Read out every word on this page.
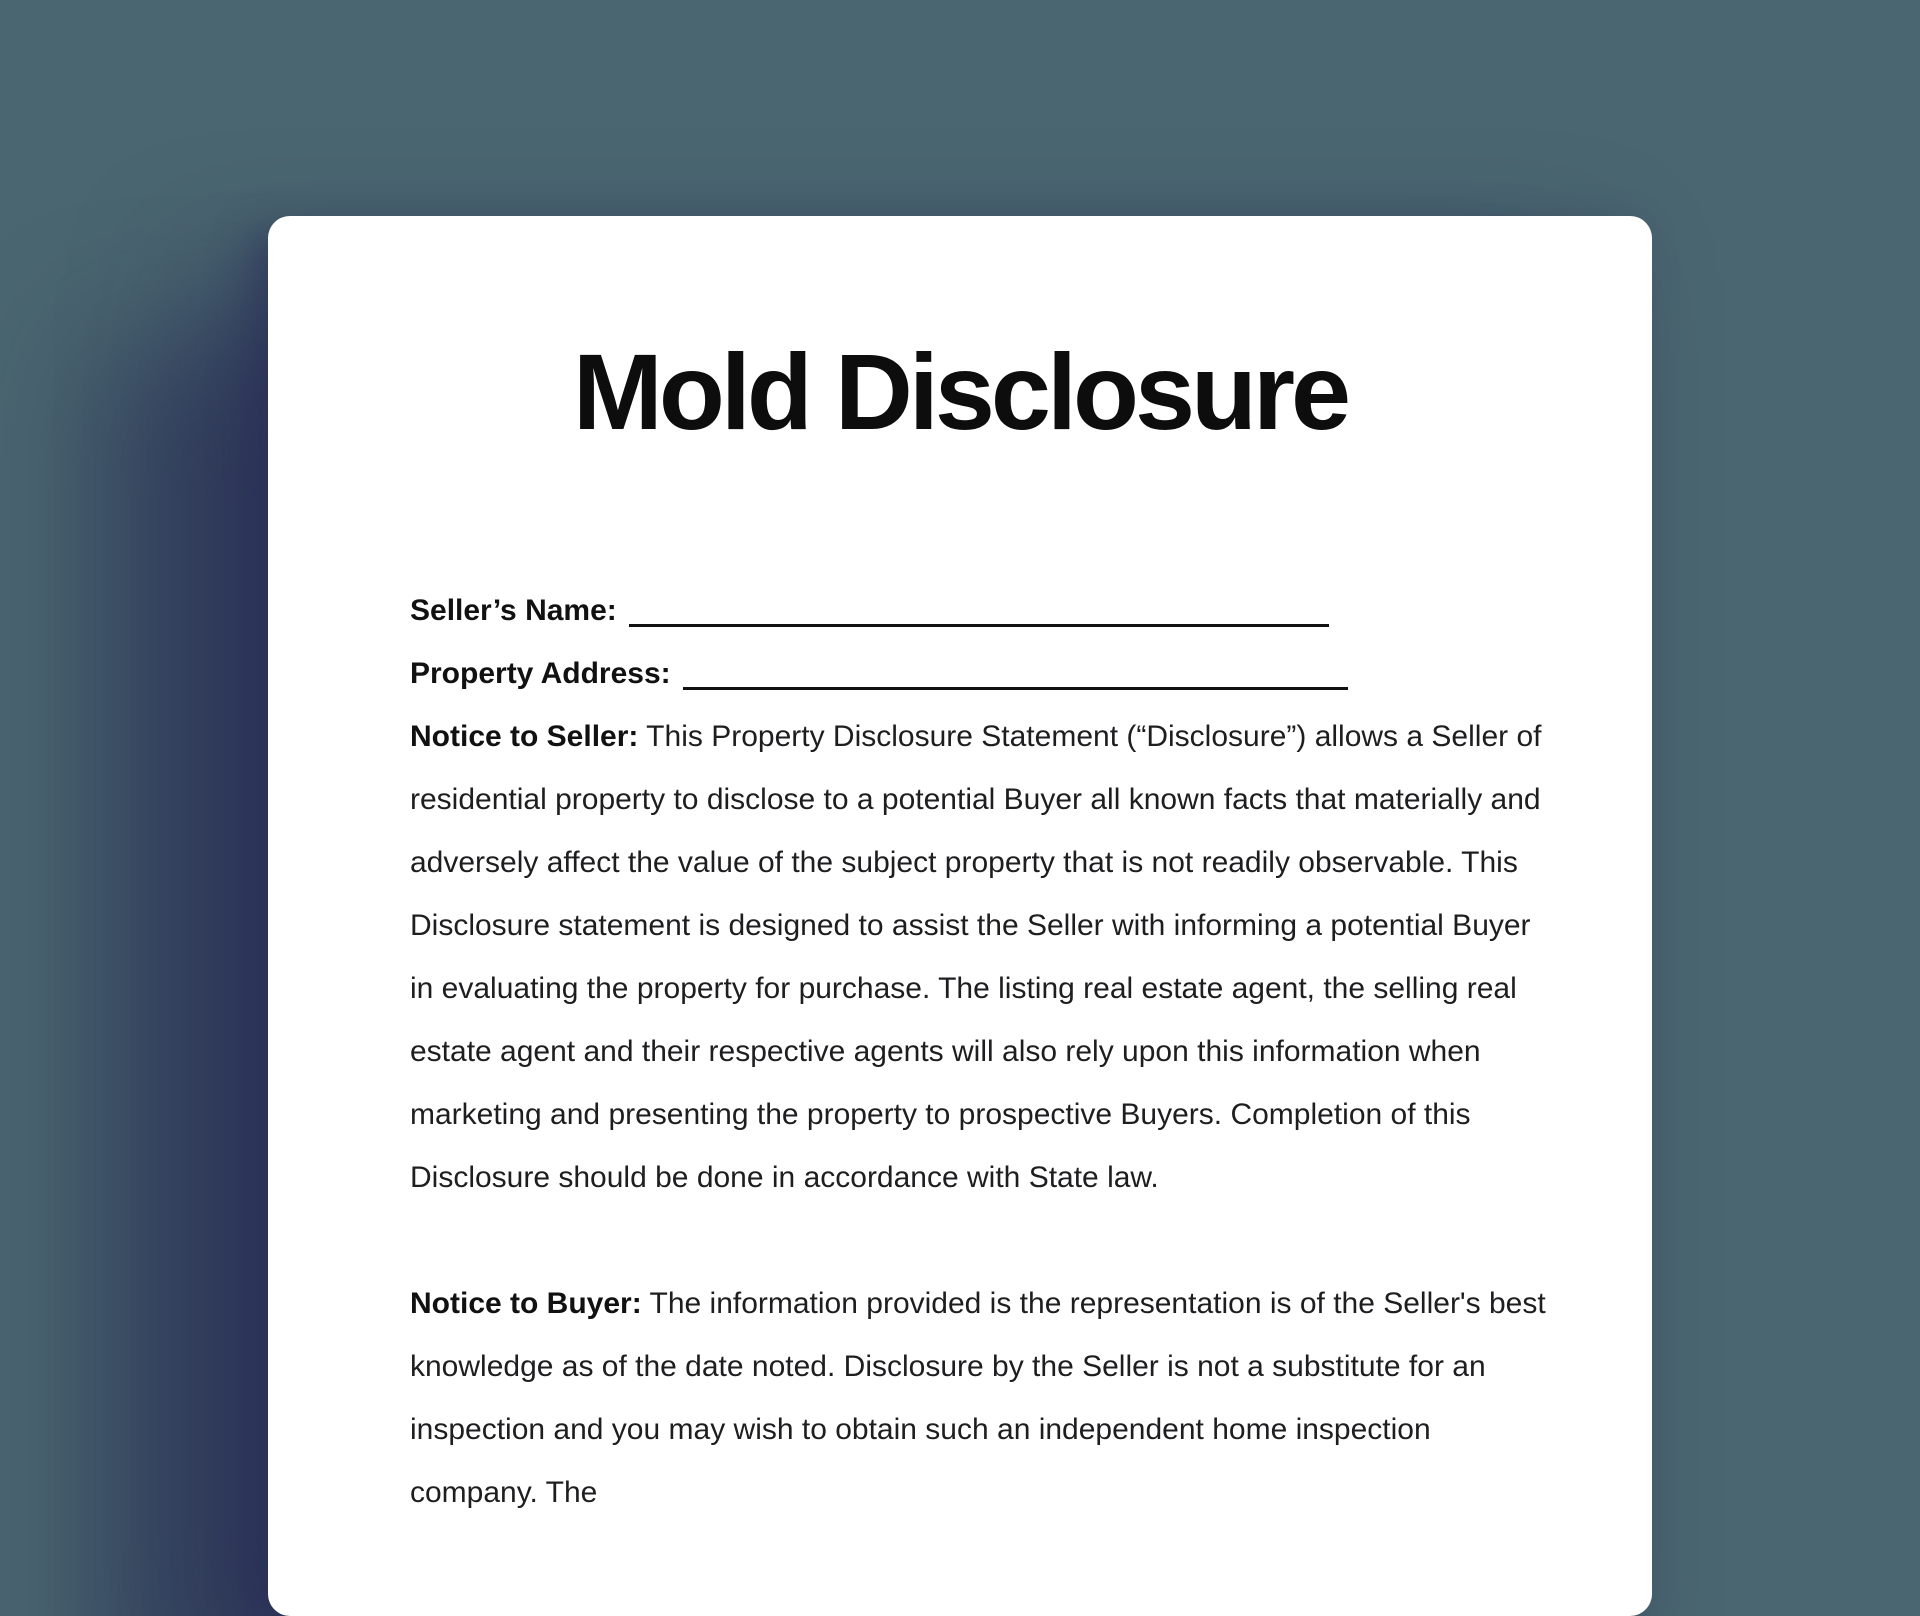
Mold Disclosure
Seller’s Name:
Property Address:

Notice to Seller: This Property Disclosure Statement (“Disclosure”) allows a Seller of residential property to disclose to a potential Buyer all known facts that materially and adversely affect the value of the subject property that is not readily observable. This Disclosure statement is designed to assist the Seller with informing a potential Buyer in evaluating the property for purchase. The listing real estate agent, the selling real estate agent and their respective agents will also rely upon this information when marketing and presenting the property to prospective Buyers. Completion of this Disclosure should be done in accordance with State law.

Notice to Buyer: The information provided is the representation is of the Seller's best knowledge as of the date noted. Disclosure by the Seller is not a substitute for an inspection and you may wish to obtain such an independent home inspection company. The
